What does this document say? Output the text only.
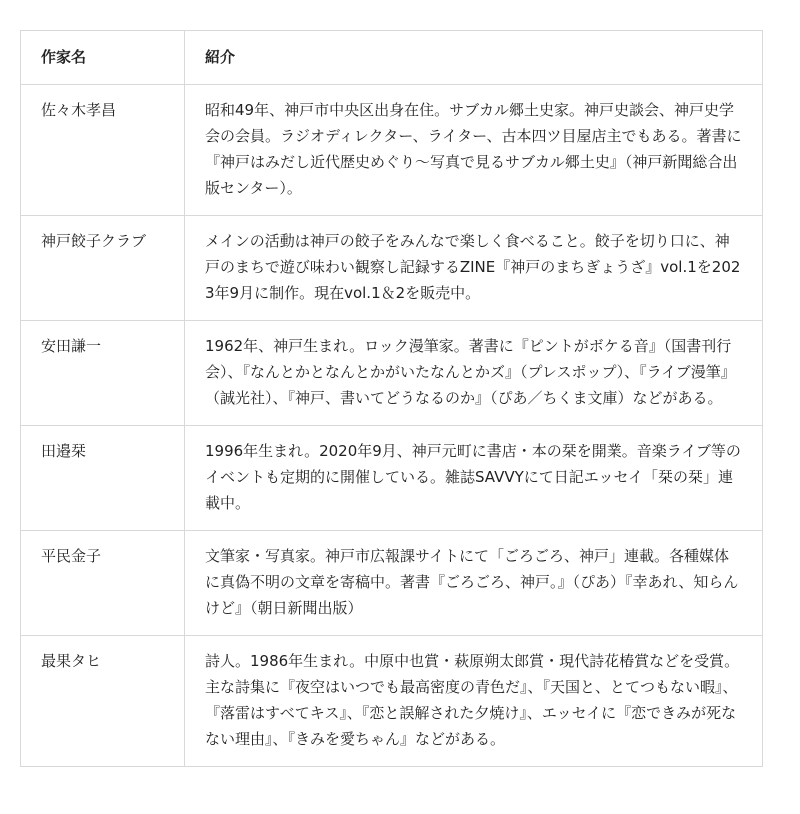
作家名	紹介
佐々木孝昌	昭和49年、神戸市中央区出身在住。サブカル郷土史家。神戸史談会、神戸史学会の会員。ラジオディレクター、ライター、古本四ツ目屋店主でもある。著書に『神戸はみだし近代歴史めぐり〜写真で見るサブカル郷土史』（神戸新聞総合出版センター）。
神戸餃子クラブ	メインの活動は神戸の餃子をみんなで楽しく食べること。餃子を切り口に、神戸のまちで遊び味わい観察し記録するZINE『神戸のまちぎょうざ』vol.1を2023年9月に制作。現在vol.1＆2を販売中。
安田謙一	1962年、神戸生まれ。ロック漫筆家。著書に『ピントがボケる音』（国書刊行会）、『なんとかとなんとかがいたなんとかズ』（プレスポップ）、『ライブ漫筆』（誠光社）、『神戸、書いてどうなるのか』（ぴあ／ちくま文庫）などがある。
田邉栞	1996年生まれ。2020年9月、神戸元町に書店・本の栞を開業。音楽ライブ等のイベントも定期的に開催している。雑誌SAVVYにて日記エッセイ「栞の栞」連載中。
平民金子	文筆家・写真家。神戸市広報課サイトにて「ごろごろ、神戸」連載。各種媒体に真偽不明の文章を寄稿中。著書『ごろごろ、神戸。』（ぴあ）『幸あれ、知らんけど』（朝日新聞出版）
最果タヒ	詩人。1986年生まれ。中原中也賞・萩原朔太郎賞・現代詩花椿賞などを受賞。主な詩集に『夜空はいつでも最高密度の青色だ』、『天国と、とてつもない暇』、『落雷はすべてキス』、『恋と誤解された夕焼け』、エッセイに『恋できみが死なない理由』、『きみを愛ちゃん』などがある。
